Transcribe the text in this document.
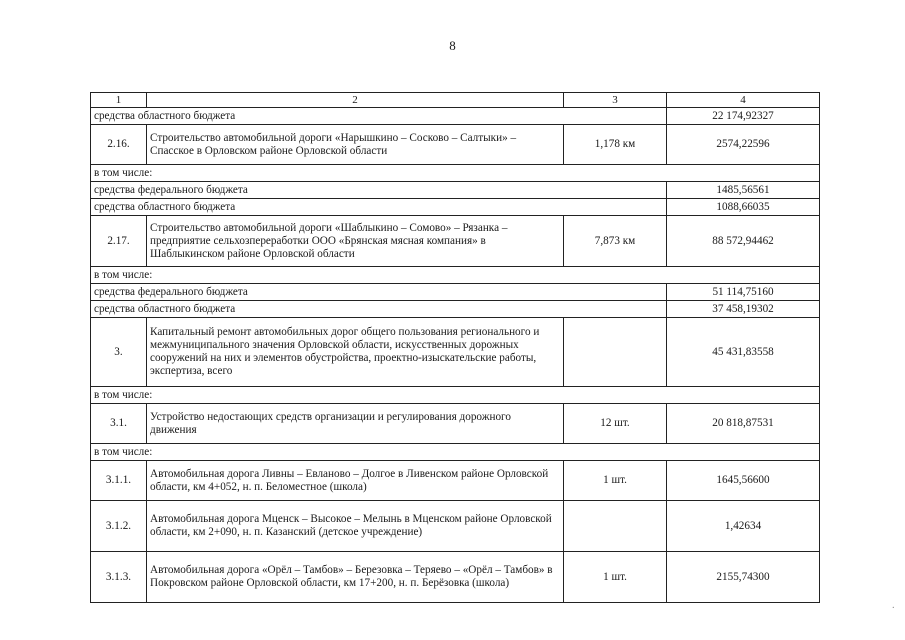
8
1	2	3	4
средства областного бюджета			22 174,92327
2.16.	Строительство автомобильной дороги «Нарышкино – Сосково – Салтыки» – Спасское в Орловском районе Орловской области	1,178 км	2574,22596
в том числе:			
средства федерального бюджета			1485,56561
средства областного бюджета			1088,66035
2.17.	Строительство автомобильной дороги «Шаблыкино – Сомово» – Рязанка – предприятие сельхозпереработки ООО «Брянская мясная компания» в Шаблыкинском районе Орловской области	7,873 км	88 572,94462
в том числе:			
средства федерального бюджета			51 114,75160
средства областного бюджета			37 458,19302
3.	Капитальный ремонт автомобильных дорог общего пользования регионального и межмуниципального значения Орловской области, искусственных дорожных сооружений на них и элементов обустройства, проектно-изыскательские работы, экспертиза, всего		45 431,83558
в том числе:			
3.1.	Устройство недостающих средств организации и регулирования дорожного движения	12 шт.	20 818,87531
в том числе:			
3.1.1.	Автомобильная дорога Ливны – Евланово – Долгое в Ливенском районе Орловской области, км 4+052, н. п. Беломестное (школа)	1 шт.	1645,56600
3.1.2.	Автомобильная дорога Мценск – Высокое – Мелынь в Мценском районе Орловской области, км 2+090, н. п. Казанский (детское учреждение)		1,42634
3.1.3.	Автомобильная дорога «Орёл – Тамбов» – Березовка – Теряево – «Орёл – Тамбов» в Покровском районе Орловской области, км 17+200, н. п. Берёзовка (школа)	1 шт.	2155,74300
·
